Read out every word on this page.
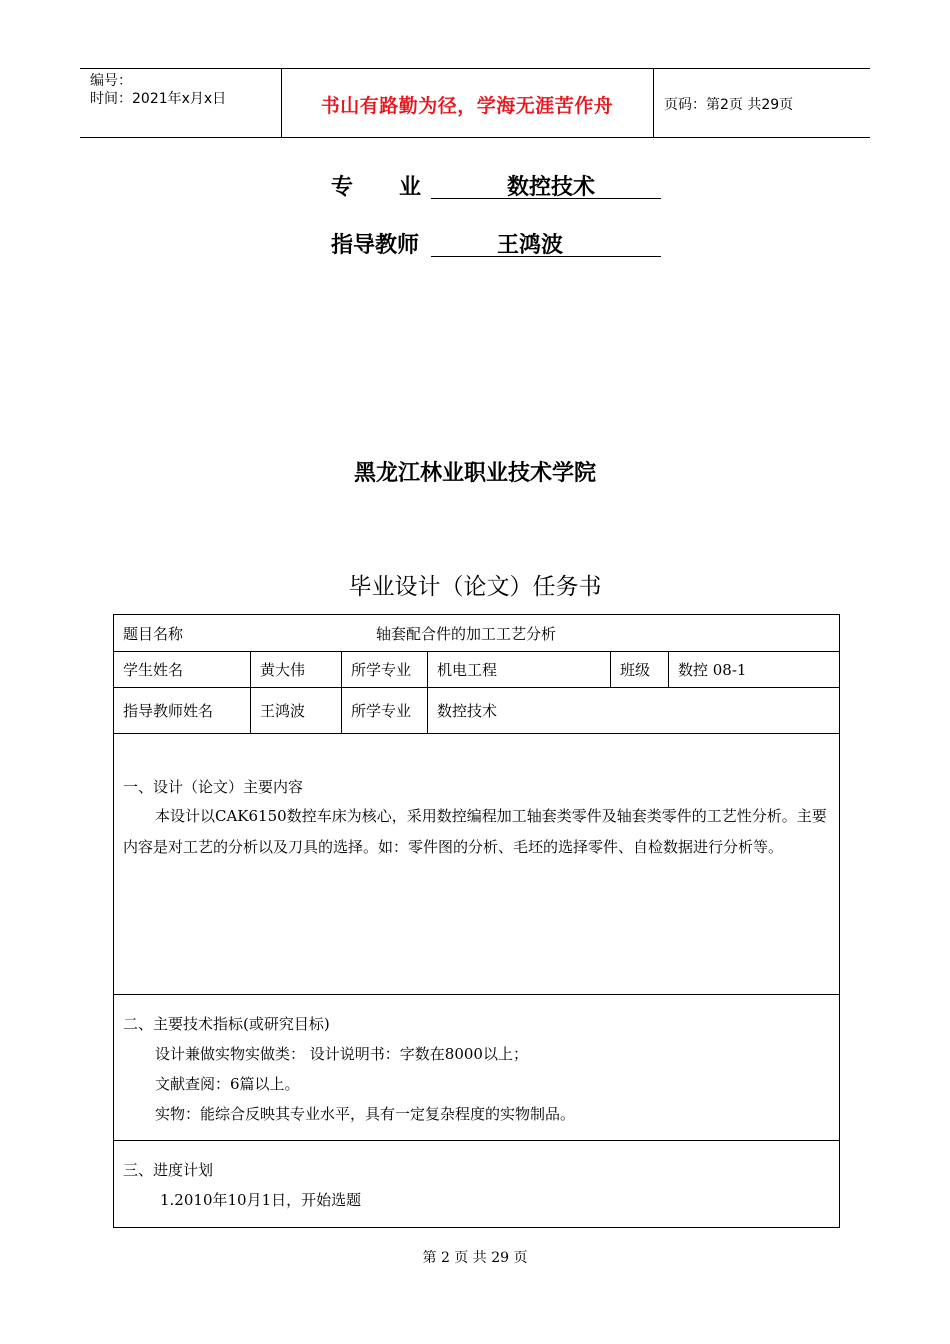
编号：
时间：2021年x月x日	书山有路勤为径，学海无涯苦作舟	页码：第2页 共29页
专      业	数控技术
指导教师	王鸿波
黑龙江林业职业技术学院
毕业设计（论文）任务书
题目名称	轴套配合件的加工工艺分析
学生姓名	黄大伟	所学专业 机电工程	班级 数控 08-1
指导教师姓名	王鸿波	所学专业 数控技术
一、设计（论文）主要内容
本设计以CAK6150数控车床为核心，采用数控编程加工轴套类零件及轴套类零件的工艺性分析。主要内容是对工艺的分析以及刀具的选择。如：零件图的分析、毛坯的选择零件、自检数据进行分析等。
二、主要技术指标(或研究目标)
设计兼做实物实做类： 设计说明书：字数在8000以上；
文献查阅：6篇以上。
实物：能综合反映其专业水平，具有一定复杂程度的实物制品。
三、进度计划
1.2010年10月1日，开始选题
第 2 页 共 29 页
